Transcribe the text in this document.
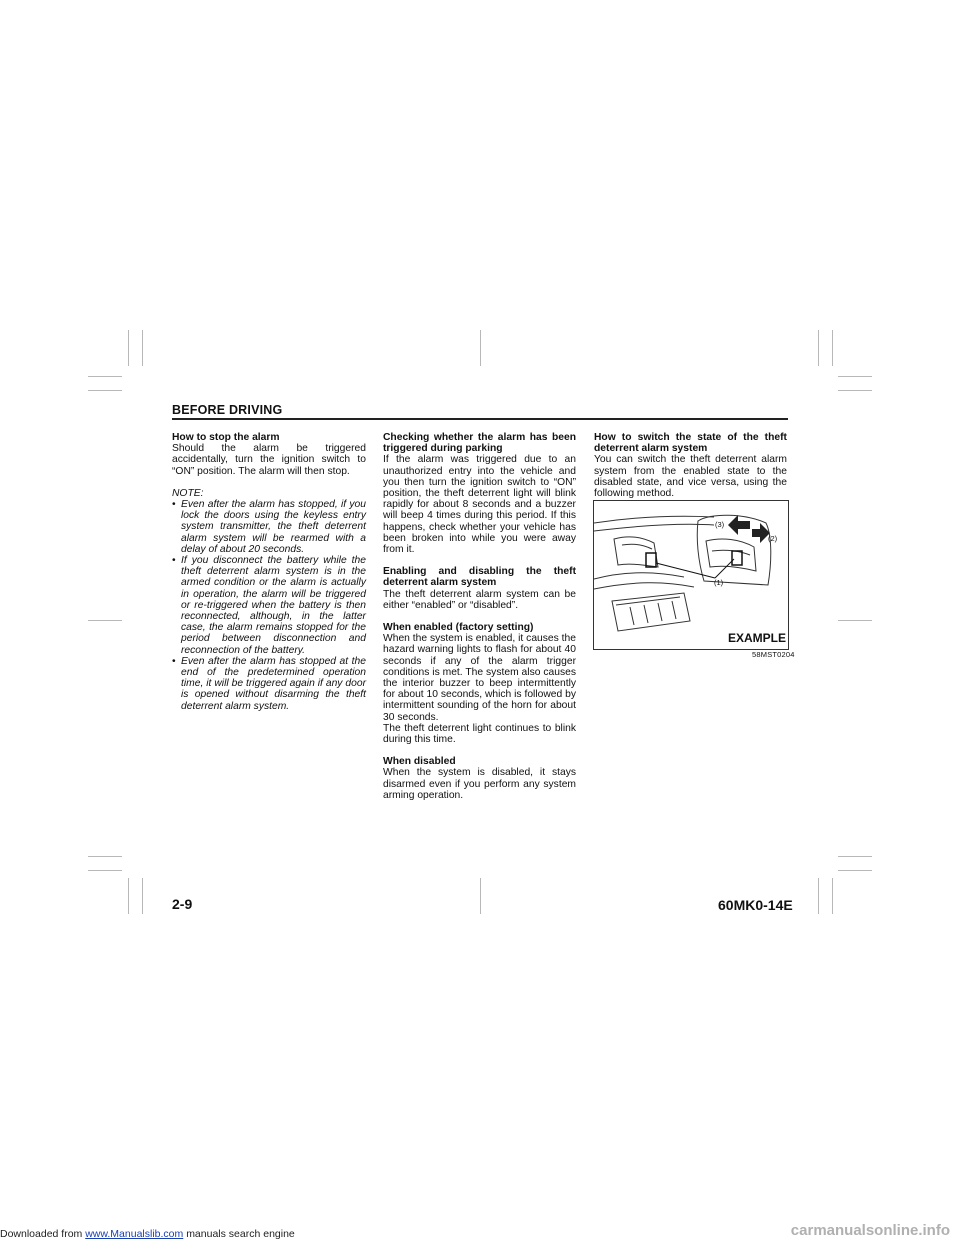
BEFORE DRIVING

How to stop the alarm

Should the alarm be triggered accidentally, turn the ignition switch to “ON” position. The alarm will then stop.

NOTE:

• Even after the alarm has stopped, if you lock the doors using the keyless entry system transmitter, the theft deterrent alarm system will be rearmed with a delay of about 20 seconds.
• If you disconnect the battery while the theft deterrent alarm system is in the armed condition or the alarm is actually in operation, the alarm will be triggered or re-triggered when the battery is then reconnected, although, in the latter case, the alarm remains stopped for the period between disconnection and reconnection of the battery.
• Even after the alarm has stopped at the end of the predetermined operation time, it will be triggered again if any door is opened without disarming the theft deterrent alarm system.

Checking whether the alarm has been triggered during parking

If the alarm was triggered due to an unauthorized entry into the vehicle and you then turn the ignition switch to “ON” position, the theft deterrent light will blink rapidly for about 8 seconds and a buzzer will beep 4 times during this period. If this happens, check whether your vehicle has been broken into while you were away from it.

Enabling and disabling the theft deterrent alarm system

The theft deterrent alarm system can be either “enabled” or “disabled”.

When enabled (factory setting)

When the system is enabled, it causes the hazard warning lights to flash for about 40 seconds if any of the alarm trigger conditions is met. The system also causes the interior buzzer to beep intermittently for about 10 seconds, which is followed by intermittent sounding of the horn for about 30 seconds.

The theft deterrent light continues to blink during this time.

When disabled

When the system is disabled, it stays disarmed even if you perform any system arming operation.

How to switch the state of the theft deterrent alarm system

You can switch the theft deterrent alarm system from the enabled state to the disabled state, and vice versa, using the following method.

(3)
(2)
(1)
EXAMPLE
58MST0204
2-9	60MK0-14E
Downloaded from www.Manualslib.com manuals search engine	carmanualsonline.info
